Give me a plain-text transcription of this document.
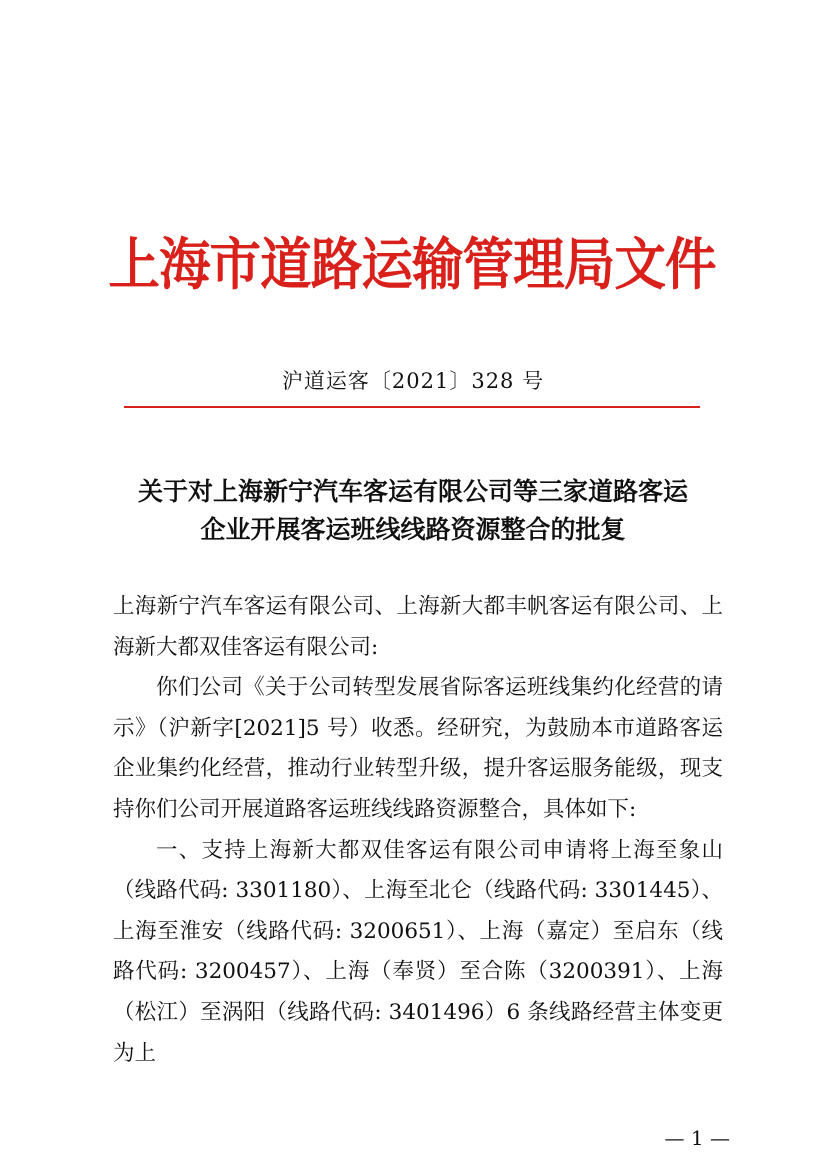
上海市道路运输管理局文件
沪道运客〔2021〕328 号
关于对上海新宁汽车客运有限公司等三家道路客运
企业开展客运班线线路资源整合的批复

上海新宁汽车客运有限公司、上海新大都丰帆客运有限公司、上海新大都双佳客运有限公司:

你们公司《关于公司转型发展省际客运班线集约化经营的请示》（沪新字[2021]5 号）收悉。经研究，为鼓励本市道路客运企业集约化经营，推动行业转型升级，提升客运服务能级，现支持你们公司开展道路客运班线线路资源整合，具体如下:

一、支持上海新大都双佳客运有限公司申请将上海至象山（线路代码: 3301180）、上海至北仑（线路代码: 3301445）、上海至淮安（线路代码: 3200651）、上海（嘉定）至启东（线路代码: 3200457）、上海（奉贤）至合陈（3200391）、上海（松江）至涡阳（线路代码: 3401496）6 条线路经营主体变更为上

— 1 —
